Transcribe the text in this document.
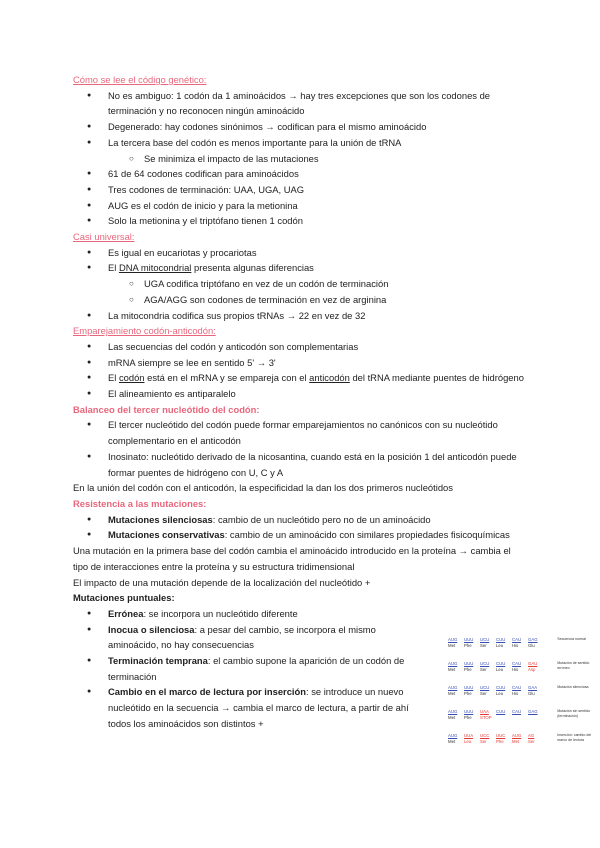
Cómo se lee el código genético:
● No es ambiguo: 1 codón da 1 aminoácidos → hay tres excepciones que son los codones de terminación y no reconocen ningún aminoácido
● Degenerado: hay codones sinónimos → codifican para el mismo aminoácido
● La tercera base del codón es menos importante para la unión de tRNA
○ Se minimiza el impacto de las mutaciones
● 61 de 64 codones codifican para aminoácidos
● Tres codones de terminación: UAA, UGA, UAG
● AUG es el codón de inicio y para la metionina
● Solo la metionina y el triptófano tienen 1 codón
Casi universal:
● Es igual en eucariotas y procariotas
● El DNA mitocondrial presenta algunas diferencias
○ UGA codifica triptófano en vez de un codón de terminación
○ AGA/AGG son codones de terminación en vez de arginina
● La mitocondria codifica sus propios tRNAs → 22 en vez de 32
Emparejamiento codón-anticodón:
● Las secuencias del codón y anticodón son complementarias
● mRNA siempre se lee en sentido 5' → 3'
● El codón está en el mRNA y se empareja con el anticodón del tRNA mediante puentes de hidrógeno
● El alineamiento es antiparalelo
Balanceo del tercer nucleótido del codón:
● El tercer nucleótido del codón puede formar emparejamientos no canónicos con su nucleótido complementario en el anticodón
● Inosinato: nucleótido derivado de la nicosantina, cuando está en la posición 1 del anticodón puede formar puentes de hidrógeno con U, C y A
En la unión del codón con el anticodón, la especificidad la dan los dos primeros nucleótidos
Resistencia a las mutaciones:
● Mutaciones silenciosas: cambio de un nucleótido pero no de un aminoácido
● Mutaciones conservativas: cambio de un aminoácido con similares propiedades fisicoquímicas
Una mutación en la primera base del codón cambia el aminoácido introducido en la proteína → cambia el tipo de interacciones entre la proteína y su estructura tridimensional
El impacto de una mutación depende de la localización del nucleótido +
Mutaciones puntuales:
● Errónea: se incorpora un nucleótido diferente
● Inocua o silenciosa: a pesar del cambio, se incorpora el mismo aminoácido, no hay consecuencias
● Terminación temprana: el cambio supone la aparición de un codón de terminación
● Cambio en el marco de lectura por inserción: se introduce un nuevo nucleótido en la secuencia → cambia el marco de lectura, a partir de ahí todos los aminoácidos son distintos +
AUG	UUU	UCU	CUU	CAU	GAG
Met	Phe	Ser	Leu	His	Glu
Secuencia normal
AUG	UUU	UCU	CUU	CAU	GAU
Met	Phe	Ser	Leu	His	Asp
Mutación de sentido erróneo
AUG	UUU	UCU	CUU	CAU	GAA
Met	Phe	Ser	Leu	His	Glu
Mutación silenciosa
AUG	UUU	UAA	CUU	CAU	GAG
Met	Phe	STOP
Mutación sin sentido (terminación)
AUG	UUA	UCC	UUC	AUG	AG
Met	Leu	Ser	Phe	Met	Ser
Inserción: cambio del marco de lectura
